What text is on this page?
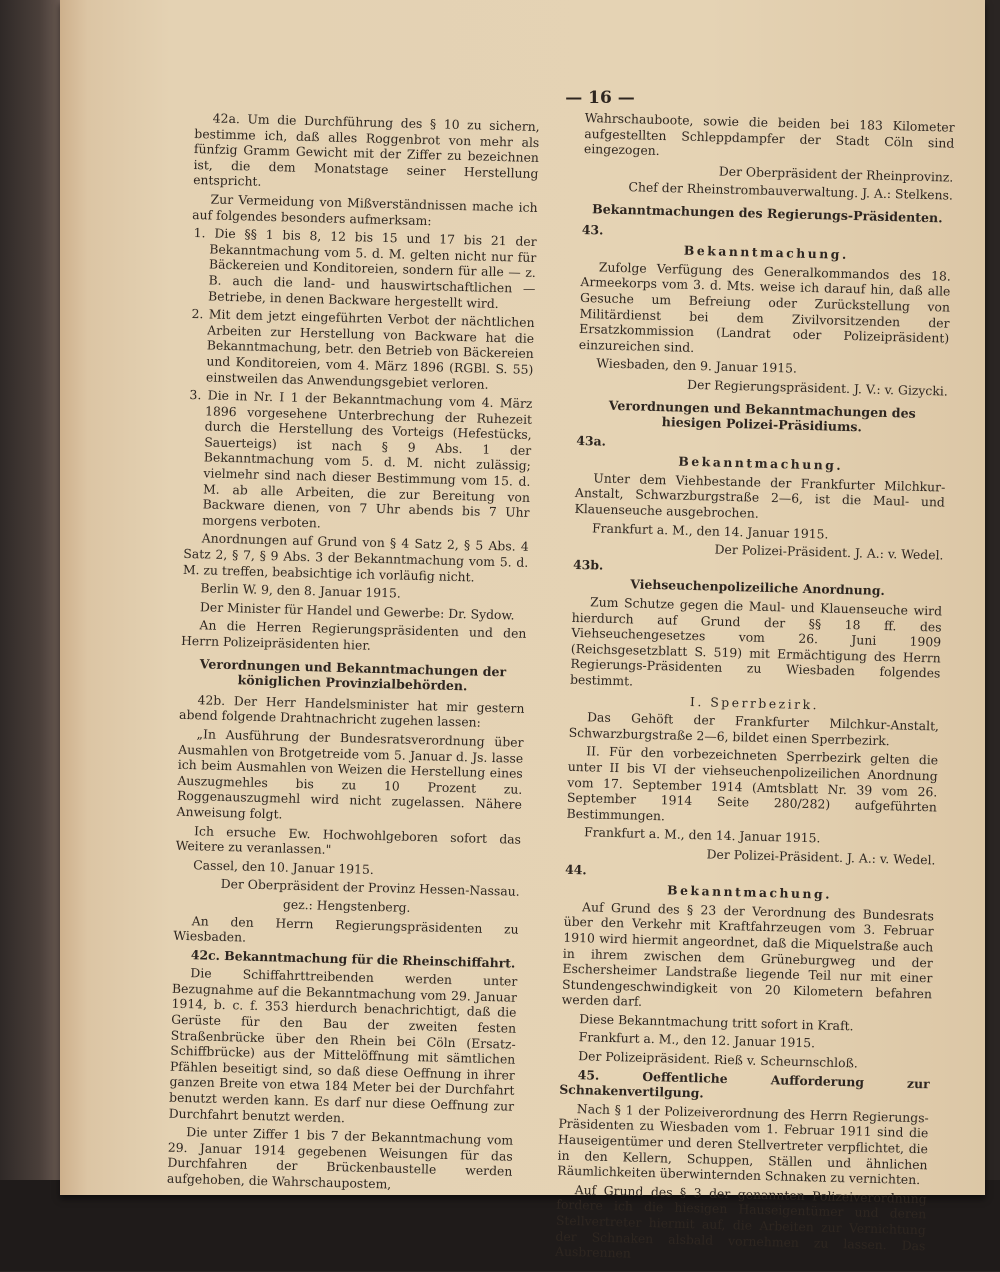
— 16 —

42a. Um die Durchführung des § 10 zu sichern, bestimme ich, daß alles Roggenbrot von mehr als fünfzig Gramm Gewicht mit der Ziffer zu bezeichnen ist, die dem Monatstage seiner Herstellung entspricht.

Zur Vermeidung von Mißverständnissen mache ich auf folgendes besonders aufmerksam:

1. Die §§ 1 bis 8, 12 bis 15 und 17 bis 21 der Bekanntmachung vom 5. d. M. gelten nicht nur für Bäckereien und Konditoreien, sondern für alle — z. B. auch die land- und hauswirtschaftlichen — Betriebe, in denen Backware hergestellt wird.

2. Mit dem jetzt eingeführten Verbot der nächtlichen Arbeiten zur Herstellung von Backware hat die Bekanntmachung, betr. den Betrieb von Bäckereien und Konditoreien, vom 4. März 1896 (RGBl. S. 55) einstweilen das Anwendungsgebiet verloren.

3. Die in Nr. I 1 der Bekanntmachung vom 4. März 1896 vorgesehene Unterbrechung der Ruhezeit durch die Herstellung des Vorteigs (Hefestücks, Sauerteigs) ist nach § 9 Abs. 1 der Bekanntmachung vom 5. d. M. nicht zulässig; vielmehr sind nach dieser Bestimmung vom 15. d. M. ab alle Arbeiten, die zur Bereitung von Backware dienen, von 7 Uhr abends bis 7 Uhr morgens verboten.

Anordnungen auf Grund von § 4 Satz 2, § 5 Abs. 4 Satz 2, § 7, § 9 Abs. 3 der Bekanntmachung vom 5. d. M. zu treffen, beabsichtige ich vorläufig nicht.

Berlin W. 9, den 8. Januar 1915.

Der Minister für Handel und Gewerbe: Dr. Sydow.

An die Herren Regierungspräsidenten und den Herrn Polizeipräsidenten hier.

Verordnungen und Bekanntmachungen der königlichen Provinzialbehörden.

42b. Der Herr Handelsminister hat mir gestern abend folgende Drahtnachricht zugehen lassen:

„In Ausführung der Bundesratsverordnung über Ausmahlen von Brotgetreide vom 5. Januar d. Js. lasse ich beim Ausmahlen von Weizen die Herstellung eines Auszugmehles bis zu 10 Prozent zu. Roggenauszugmehl wird nicht zugelassen. Nähere Anweisung folgt.

Ich ersuche Ew. Hochwohlgeboren sofort das Weitere zu veranlassen."

Cassel, den 10. Januar 1915.

Der Oberpräsident der Provinz Hessen-Nassau.

gez.: Hengstenberg.

An den Herrn Regierungspräsidenten zu Wiesbaden.

42c. Bekanntmachung für die Rheinschiffahrt.

Die Schiffahrttreibenden werden unter Bezugnahme auf die Bekanntmachung vom 29. Januar 1914, b. c. f. 353 hierdurch benachrichtigt, daß die Gerüste für den Bau der zweiten festen Straßenbrücke über den Rhein bei Cöln (Ersatz-Schiffbrücke) aus der Mittelöffnung mit sämtlichen Pfählen beseitigt sind, so daß diese Oeffnung in ihrer ganzen Breite von etwa 184 Meter bei der Durchfahrt benutzt werden kann. Es darf nur diese Oeffnung zur Durchfahrt benutzt werden.

Die unter Ziffer 1 bis 7 der Bekanntmachung vom 29. Januar 1914 gegebenen Weisungen für das Durchfahren der Brückenbaustelle werden aufgehoben, die Wahrschaupostem,

Wahrschauboote, sowie die beiden bei 183 Kilometer aufgestellten Schleppdampfer der Stadt Cöln sind eingezogen.

Der Oberpräsident der Rheinprovinz.

Chef der Rheinstrombauverwaltung. J. A.: Stelkens.

Bekanntmachungen des Regierungs-Präsidenten.

43.

Bekanntmachung.

Zufolge Verfügung des Generalkommandos des 18. Armeekorps vom 3. d. Mts. weise ich darauf hin, daß alle Gesuche um Befreiung oder Zurückstellung von Militärdienst bei dem Zivilvorsitzenden der Ersatzkommission (Landrat oder Polizeipräsident) einzureichen sind.

Wiesbaden, den 9. Januar 1915.

Der Regierungspräsident. J. V.: v. Gizycki.

Verordnungen und Bekanntmachungen des hiesigen Polizei-Präsidiums.

43a.

Bekanntmachung.

Unter dem Viehbestande der Frankfurter Milchkur-Anstalt, Schwarzburgstraße 2—6, ist die Maul- und Klauenseuche ausgebrochen.

Frankfurt a. M., den 14. Januar 1915.

Der Polizei-Präsident. J. A.: v. Wedel.

43b.

Viehseuchenpolizeiliche Anordnung.

Zum Schutze gegen die Maul- und Klauenseuche wird hierdurch auf Grund der §§ 18 ff. des Viehseuchengesetzes vom 26. Juni 1909 (Reichsgesetzblatt S. 519) mit Ermächtigung des Herrn Regierungs-Präsidenten zu Wiesbaden folgendes bestimmt.

I. Sperrbezirk.

Das Gehöft der Frankfurter Milchkur-Anstalt, Schwarzburgstraße 2—6, bildet einen Sperrbezirk.

II. Für den vorbezeichneten Sperrbezirk gelten die unter II bis VI der viehseuchenpolizeilichen Anordnung vom 17. September 1914 (Amtsblatt Nr. 39 vom 26. September 1914 Seite 280/282) aufgeführten Bestimmungen.

Frankfurt a. M., den 14. Januar 1915.

Der Polizei-Präsident. J. A.: v. Wedel.

44.

Bekanntmachung.

Auf Grund des § 23 der Verordnung des Bundesrats über den Verkehr mit Kraftfahrzeugen vom 3. Februar 1910 wird hiermit angeordnet, daß die Miquelstraße auch in ihrem zwischen dem Grüneburgweg und der Eschersheimer Landstraße liegende Teil nur mit einer Stundengeschwindigkeit von 20 Kilometern befahren werden darf.

Diese Bekanntmachung tritt sofort in Kraft.

Frankfurt a. M., den 12. Januar 1915.

Der Polizeipräsident. Rieß v. Scheurnschloß.

45. Oeffentliche Aufforderung zur Schnakenvertilgung.

Nach § 1 der Polizeiverordnung des Herrn Regierungs-Präsidenten zu Wiesbaden vom 1. Februar 1911 sind die Hauseigentümer und deren Stellvertreter verpflichtet, die in den Kellern, Schuppen, Ställen und ähnlichen Räumlichkeiten überwinternden Schnaken zu vernichten.

Auf Grund des § 3 der genannten Polizeiverordnung fordere ich die hiesigen Hauseigentümer und deren Stellvertreter hiermit auf, die Arbeiten zur Vernichtung der Schnaken alsbald vornehmen zu lassen. Das Ausbrennen
